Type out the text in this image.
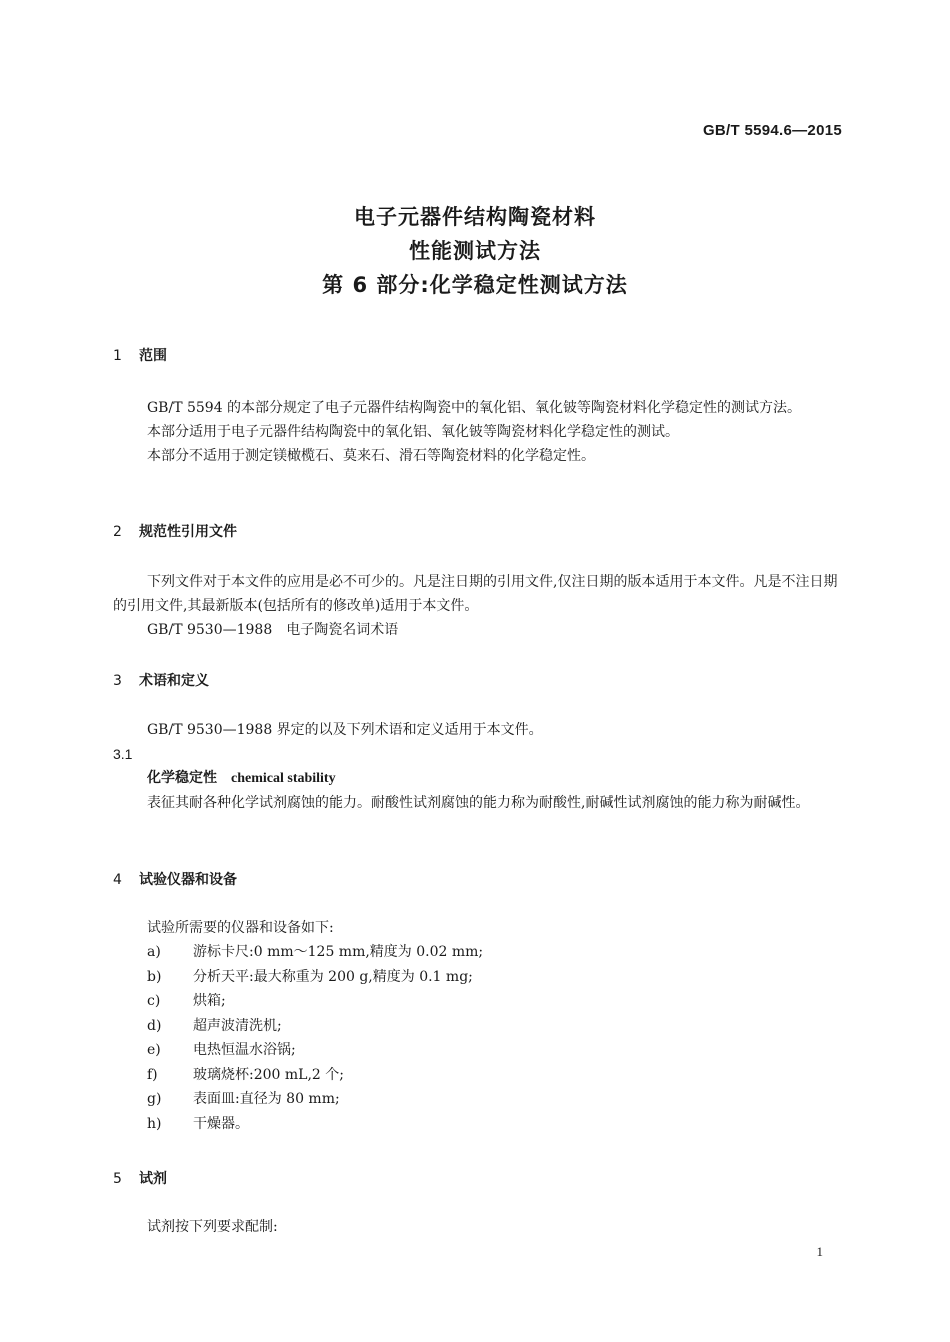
GB/T 5594.6—2015
电子元器件结构陶瓷材料
性能测试方法
第 6 部分:化学稳定性测试方法
1 范围
GB/T 5594 的本部分规定了电子元器件结构陶瓷中的氧化铝、氧化铍等陶瓷材料化学稳定性的测试方法。
本部分适用于电子元器件结构陶瓷中的氧化铝、氧化铍等陶瓷材料化学稳定性的测试。
本部分不适用于测定镁橄榄石、莫来石、滑石等陶瓷材料的化学稳定性。
2 规范性引用文件
下列文件对于本文件的应用是必不可少的。凡是注日期的引用文件,仅注日期的版本适用于本文件。凡是不注日期的引用文件,其最新版本(包括所有的修改单)适用于本文件。
GB/T 9530—1988　电子陶瓷名词术语
3 术语和定义
GB/T 9530—1988 界定的以及下列术语和定义适用于本文件。
3.1
化学稳定性 chemical stability
表征其耐各种化学试剂腐蚀的能力。耐酸性试剂腐蚀的能力称为耐酸性,耐碱性试剂腐蚀的能力称为耐碱性。
4 试验仪器和设备
试验所需要的仪器和设备如下:
a) 游标卡尺:0 mm～125 mm,精度为 0.02 mm;
b) 分析天平:最大称重为 200 g,精度为 0.1 mg;
c) 烘箱;
d) 超声波清洗机;
e) 电热恒温水浴锅;
f)	玻璃烧杯:200 mL,2 个;
g) 表面皿:直径为 80 mm;
h) 干燥器。
5 试剂
试剂按下列要求配制:
1
